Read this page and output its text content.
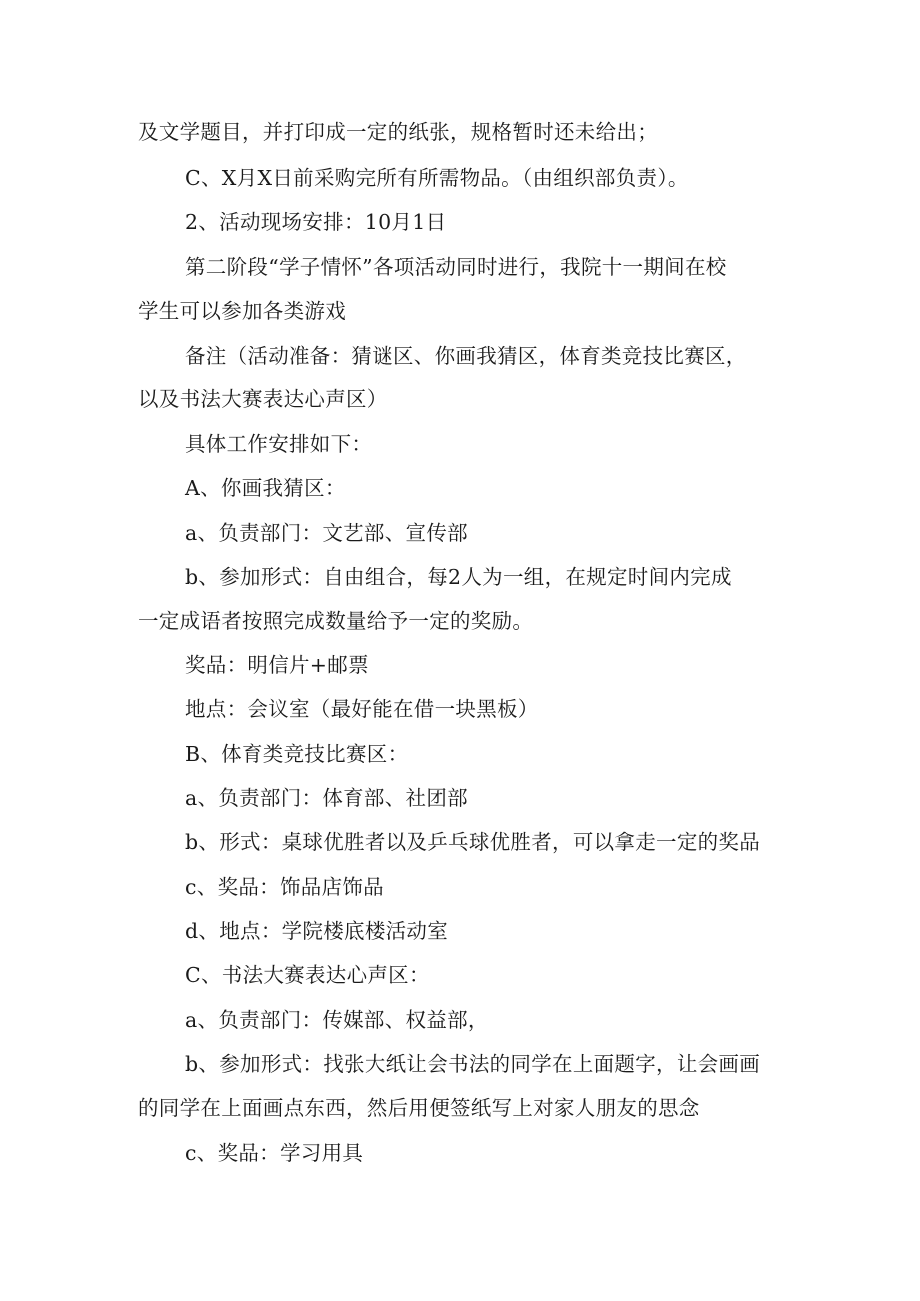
及文学题目，并打印成一定的纸张，规格暂时还未给出；

C、X月X日前采购完所有所需物品。（由组织部负责）。

2、活动现场安排：10月1日

第二阶段“学子情怀”各项活动同时进行，我院十一期间在校

学生可以参加各类游戏

备注（活动准备：猜谜区、你画我猜区，体育类竞技比赛区，

以及书法大赛表达心声区）

具体工作安排如下：

A、你画我猜区：

a、负责部门：文艺部、宣传部

b、参加形式：自由组合，每2人为一组，在规定时间内完成

一定成语者按照完成数量给予一定的奖励。

奖品：明信片+邮票

地点：会议室（最好能在借一块黑板）

B、体育类竞技比赛区：

a、负责部门：体育部、社团部

b、形式：桌球优胜者以及乒乓球优胜者，可以拿走一定的奖品

c、奖品：饰品店饰品

d、地点：学院楼底楼活动室

C、书法大赛表达心声区：

a、负责部门：传媒部、权益部，

b、参加形式：找张大纸让会书法的同学在上面题字，让会画画

的同学在上面画点东西，然后用便签纸写上对家人朋友的思念

c、奖品：学习用具
